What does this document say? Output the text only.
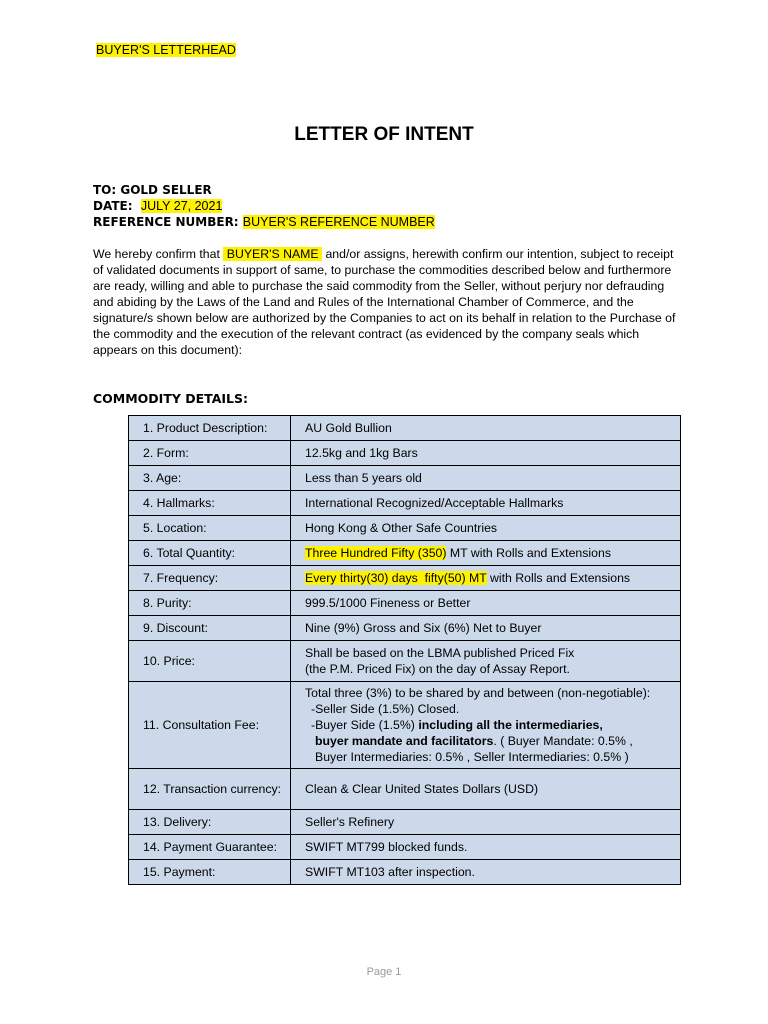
BUYER'S LETTERHEAD
LETTER OF INTENT
TO: GOLD SELLER
DATE: JULY 27, 2021
REFERENCE NUMBER: BUYER'S REFERENCE NUMBER
We hereby confirm that BUYER'S NAME and/or assigns, herewith confirm our intention, subject to receipt of validated documents in support of same, to purchase the commodities described below and furthermore are ready, willing and able to purchase the said commodity from the Seller, without perjury nor defrauding and abiding by the Laws of the Land and Rules of the International Chamber of Commerce, and the signature/s shown below are authorized by the Companies to act on its behalf in relation to the Purchase of the commodity and the execution of the relevant contract (as evidenced by the company seals which appears on this document):
COMMODITY DETAILS:
1. Product Description:	AU Gold Bullion
2. Form:	12.5kg and 1kg Bars
3. Age:	Less than 5 years old
4. Hallmarks:	International Recognized/Acceptable Hallmarks
5. Location:	Hong Kong & Other Safe Countries
6. Total Quantity:	Three Hundred Fifty (350) MT with Rolls and Extensions
7. Frequency:	Every thirty(30) days  fifty(50) MT with Rolls and Extensions
8. Purity:	999.5/1000 Fineness or Better
9. Discount:	Nine (9%) Gross and Six (6%) Net to Buyer
10. Price:	Shall be based on the LBMA published Priced Fix
(the P.M. Priced Fix) on the day of Assay Report.

11. Consultation Fee:	Total three (3%) to be shared by and between (non-negotiable):
-Seller Side (1.5%) Closed.
-Buyer Side (1.5%) including all the intermediaries,
buyer mandate and facilitators. ( Buyer Mandate: 0.5% ,
Buyer Intermediaries: 0.5% , Seller Intermediaries: 0.5% )

12. Transaction currency:	Clean & Clear United States Dollars (USD)
13. Delivery:	Seller's Refinery
14. Payment Guarantee:	SWIFT MT799 blocked funds.
15. Payment:	SWIFT MT103 after inspection.
Page 1
